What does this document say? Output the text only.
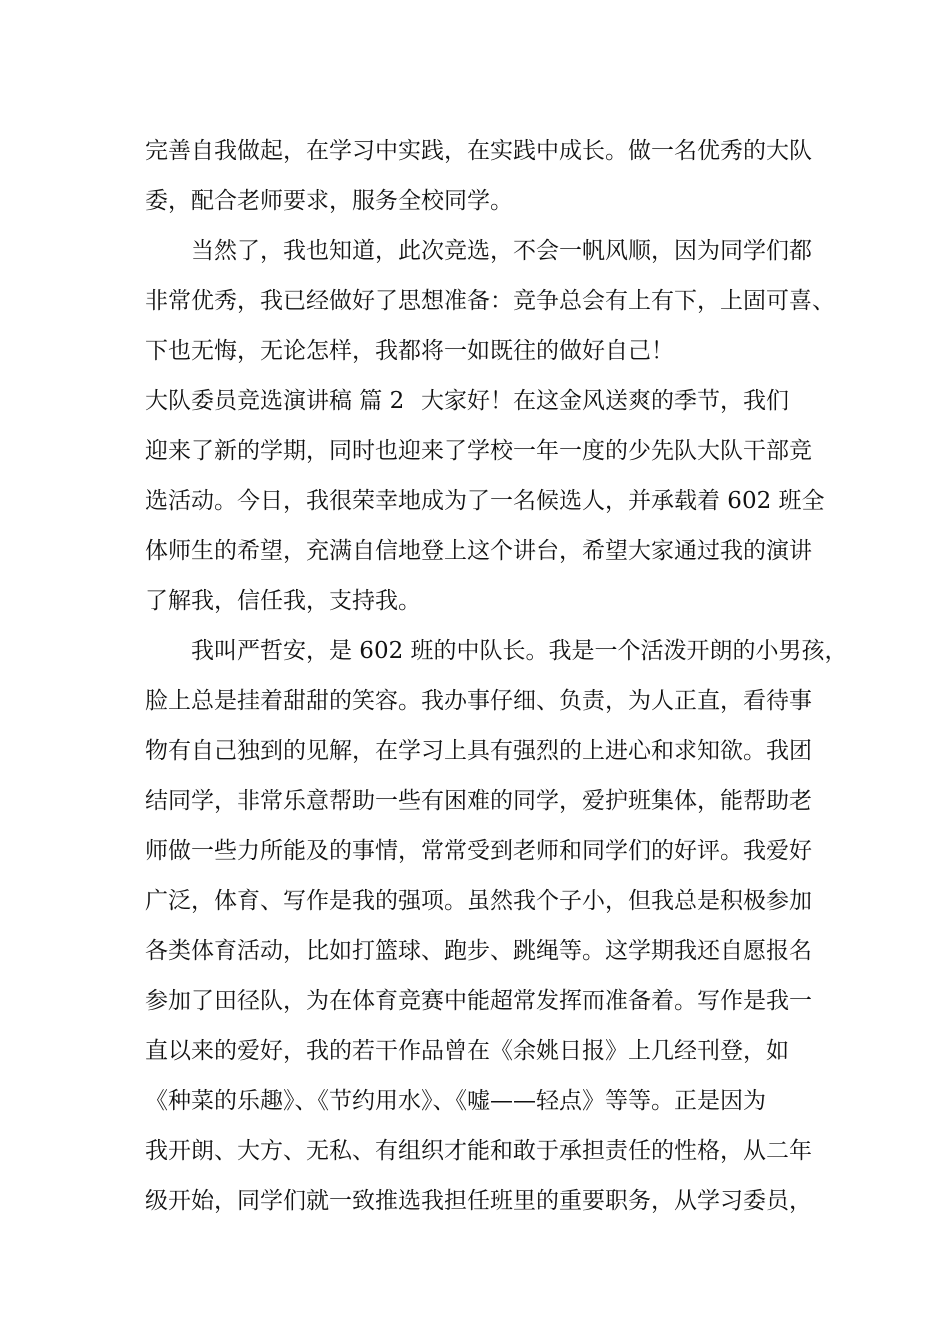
完善自我做起，在学习中实践，在实践中成长。做一名优秀的大队
委，配合老师要求，服务全校同学。
当然了，我也知道，此次竞选，不会一帆风顺，因为同学们都
非常优秀，我已经做好了思想准备：竞争总会有上有下，上固可喜、
下也无悔，无论怎样，我都将一如既往的做好自己！
大队委员竞选演讲稿 篇 2 大家好！在这金风送爽的季节，我们
迎来了新的学期，同时也迎来了学校一年一度的少先队大队干部竞
选活动。今日，我很荣幸地成为了一名候选人，并承载着 602 班全
体师生的希望，充满自信地登上这个讲台，希望大家通过我的演讲
了解我，信任我，支持我。
我叫严哲安，是 602 班的中队长。我是一个活泼开朗的小男孩，
脸上总是挂着甜甜的笑容。我办事仔细、负责，为人正直，看待事
物有自己独到的见解，在学习上具有强烈的上进心和求知欲。我团
结同学，非常乐意帮助一些有困难的同学，爱护班集体，能帮助老
师做一些力所能及的事情，常常受到老师和同学们的好评。我爱好
广泛，体育、写作是我的强项。虽然我个子小，但我总是积极参加
各类体育活动，比如打篮球、跑步、跳绳等。这学期我还自愿报名
参加了田径队，为在体育竞赛中能超常发挥而准备着。写作是我一
直以来的爱好，我的若干作品曾在《余姚日报》上几经刊登，如
《种菜的乐趣》、《节约用水》、《嘘——轻点》等等。正是因为
我开朗、大方、无私、有组织才能和敢于承担责任的性格，从二年
级开始，同学们就一致推选我担任班里的重要职务，从学习委员，
